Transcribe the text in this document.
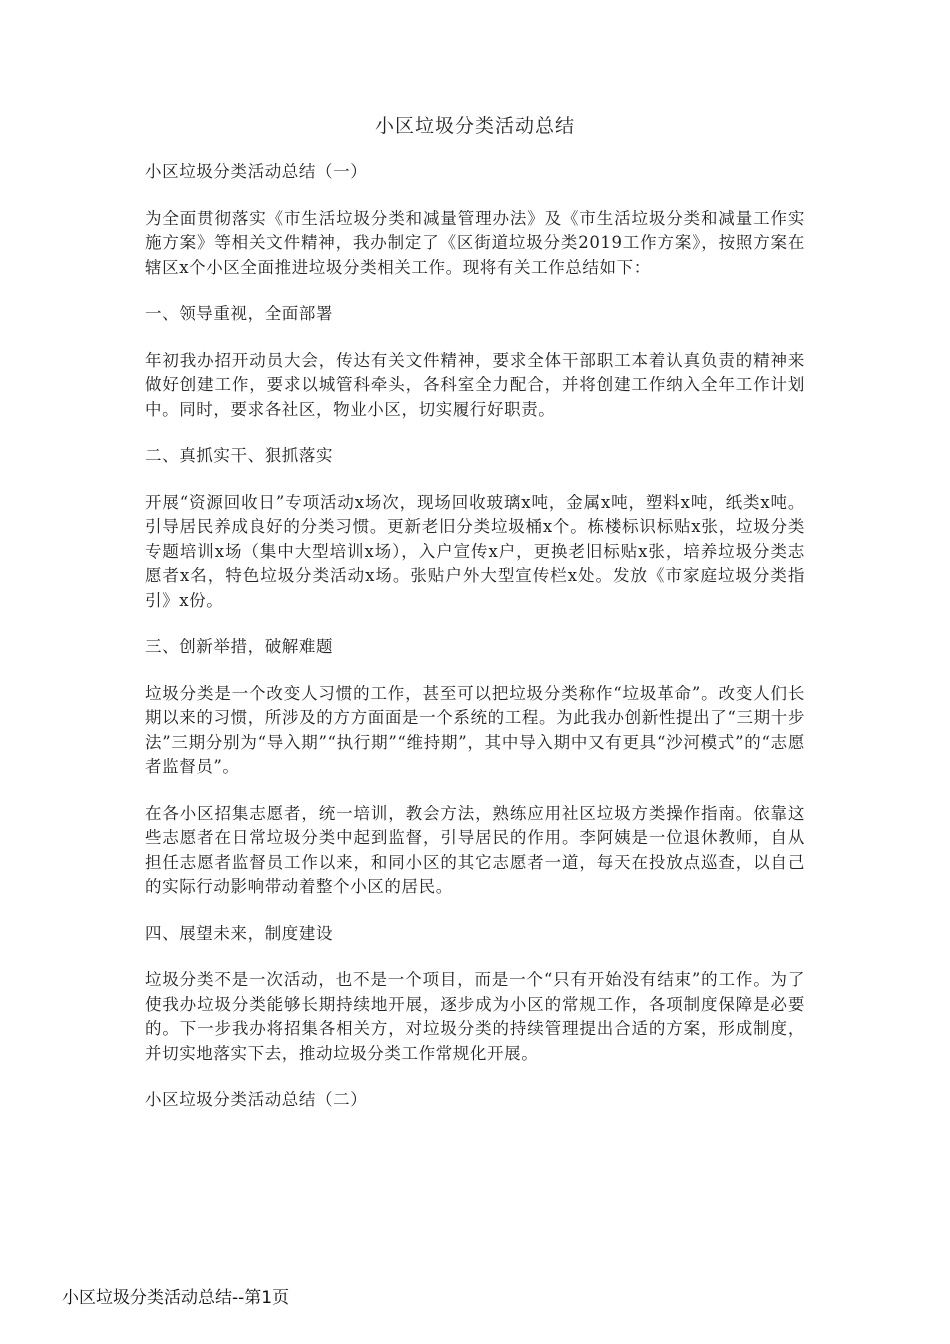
小区垃圾分类活动总结

小区垃圾分类活动总结（一）

为全面贯彻落实《市生活垃圾分类和减量管理办法》及《市生活垃圾分类和减量工作实施方案》等相关文件精神，我办制定了《区街道垃圾分类2019工作方案》，按照方案在辖区x个小区全面推进垃圾分类相关工作。现将有关工作总结如下：

一、领导重视，全面部署

年初我办招开动员大会，传达有关文件精神，要求全体干部职工本着认真负责的精神来做好创建工作，要求以城管科牵头，各科室全力配合，并将创建工作纳入全年工作计划中。同时，要求各社区，物业小区，切实履行好职责。

二、真抓实干、狠抓落实

开展“资源回收日”专项活动x场次，现场回收玻璃x吨，金属x吨，塑料x吨，纸类x吨。引导居民养成良好的分类习惯。更新老旧分类垃圾桶x个。栋楼标识标贴x张，垃圾分类专题培训x场（集中大型培训x场），入户宣传x户，更换老旧标贴x张，培养垃圾分类志愿者x名，特色垃圾分类活动x场。张贴户外大型宣传栏x处。发放《市家庭垃圾分类指引》x份。

三、创新举措，破解难题

垃圾分类是一个改变人习惯的工作，甚至可以把垃圾分类称作“垃圾革命”。改变人们长期以来的习惯，所涉及的方方面面是一个系统的工程。为此我办创新性提出了“三期十步法”三期分别为“导入期”“执行期”“维持期”，其中导入期中又有更具“沙河模式”的“志愿者监督员”。

在各小区招集志愿者，统一培训，教会方法，熟练应用社区垃圾方类操作指南。依靠这些志愿者在日常垃圾分类中起到监督，引导居民的作用。李阿姨是一位退休教师，自从担任志愿者监督员工作以来，和同小区的其它志愿者一道，每天在投放点巡查，以自己的实际行动影响带动着整个小区的居民。

四、展望未来，制度建设

垃圾分类不是一次活动，也不是一个项目，而是一个“只有开始没有结束”的工作。为了使我办垃圾分类能够长期持续地开展，逐步成为小区的常规工作，各项制度保障是必要的。下一步我办将招集各相关方，对垃圾分类的持续管理提出合适的方案，形成制度，并切实地落实下去，推动垃圾分类工作常规化开展。

小区垃圾分类活动总结（二）

小区垃圾分类活动总结--第1页
